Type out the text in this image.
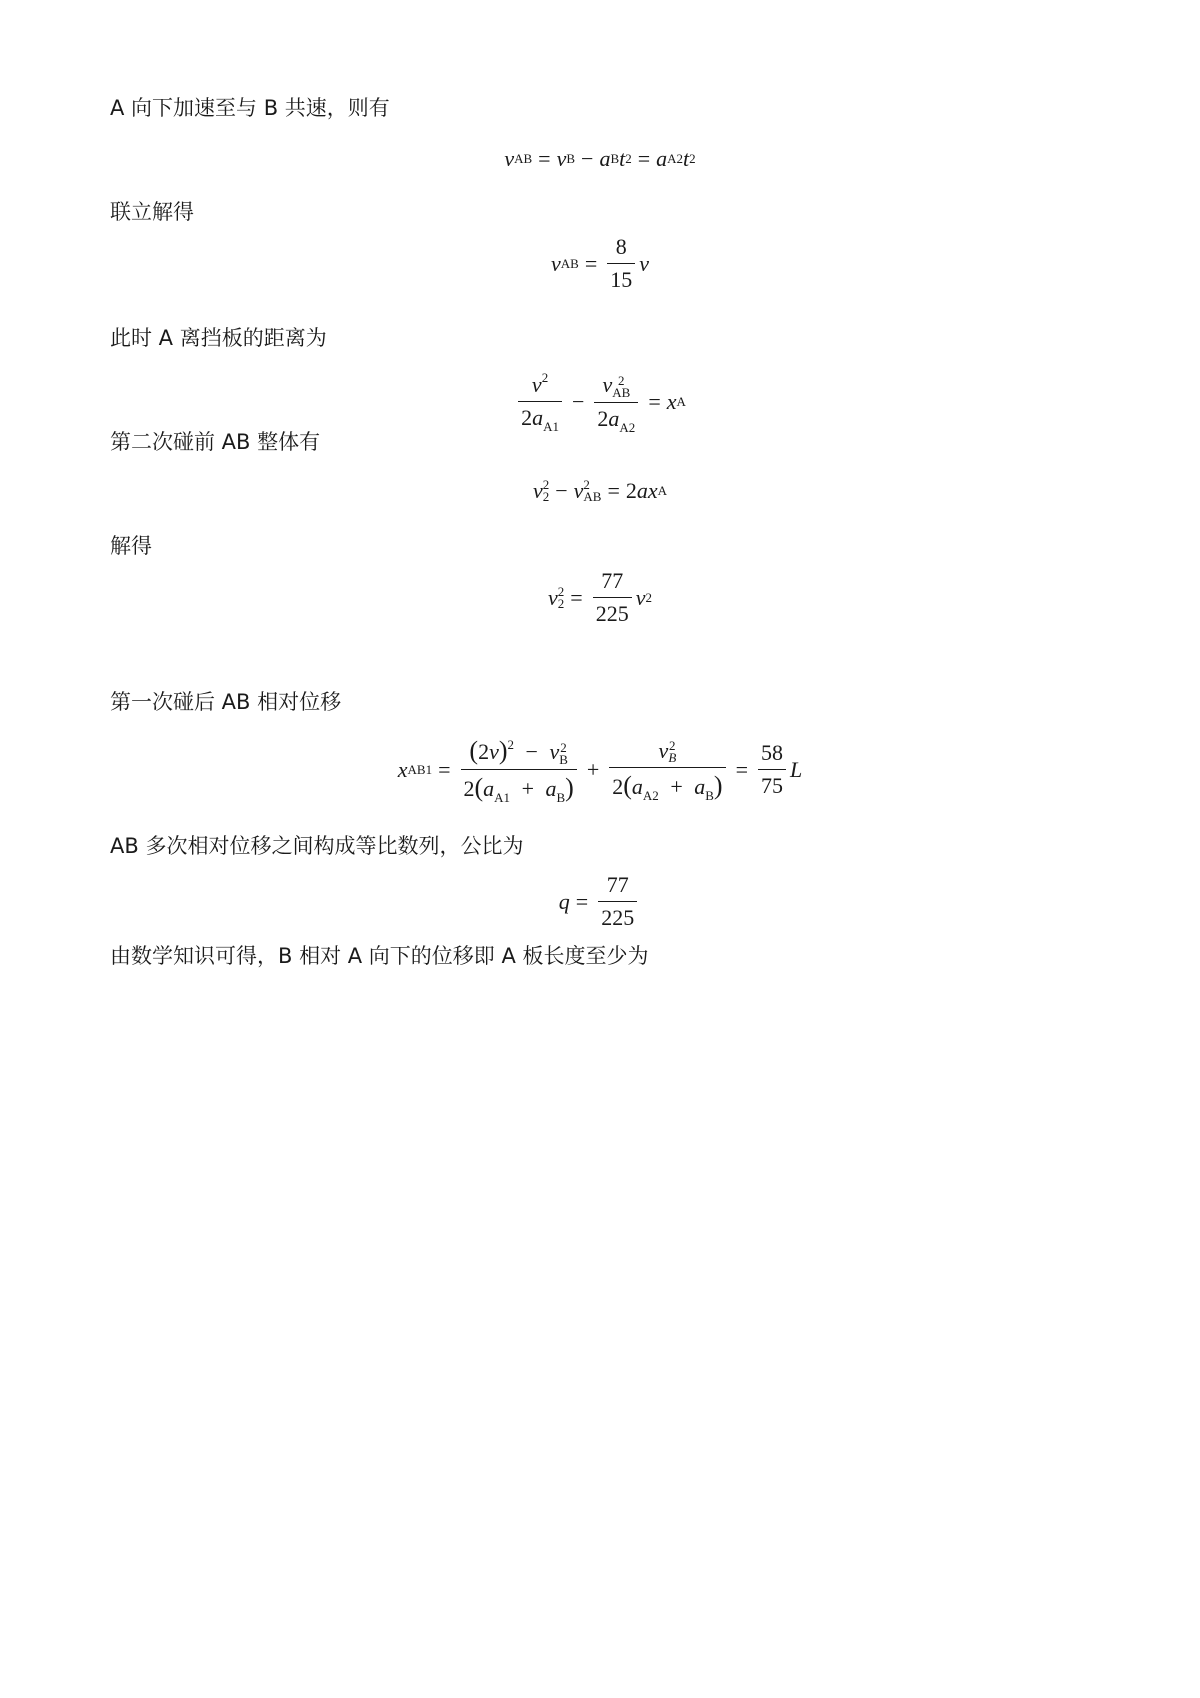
A 向下加速至与 B 共速，则有
v AB = v B − a B t 2 = a A2 t 2
联立解得
v AB = $\frac{8}{15}$ v
此时 A 离挡板的距离为
$\frac{v^2}{2a_{A1}} - v$ 2
AB
$2a_{A2} = x$ A
第二次碰前 AB 整体有
v 2
2 − v 2
AB = 2 a x A
解得
v 2
$2 = \frac{77}{225}$ v 2
第一次碰后 AB 相对位移
x $AB1 = (2v)^2 - v$ 2
B
$2(a_{A1} + a_B) + v$ 2
B
$2(a_{A2} + a_B) = \frac{58}{75}$ L
AB 多次相对位移之间构成等比数列，公比为
$q = \frac{77}{225}$
由数学知识可得，B 相对 A 向下的位移即 A 板长度至少为
